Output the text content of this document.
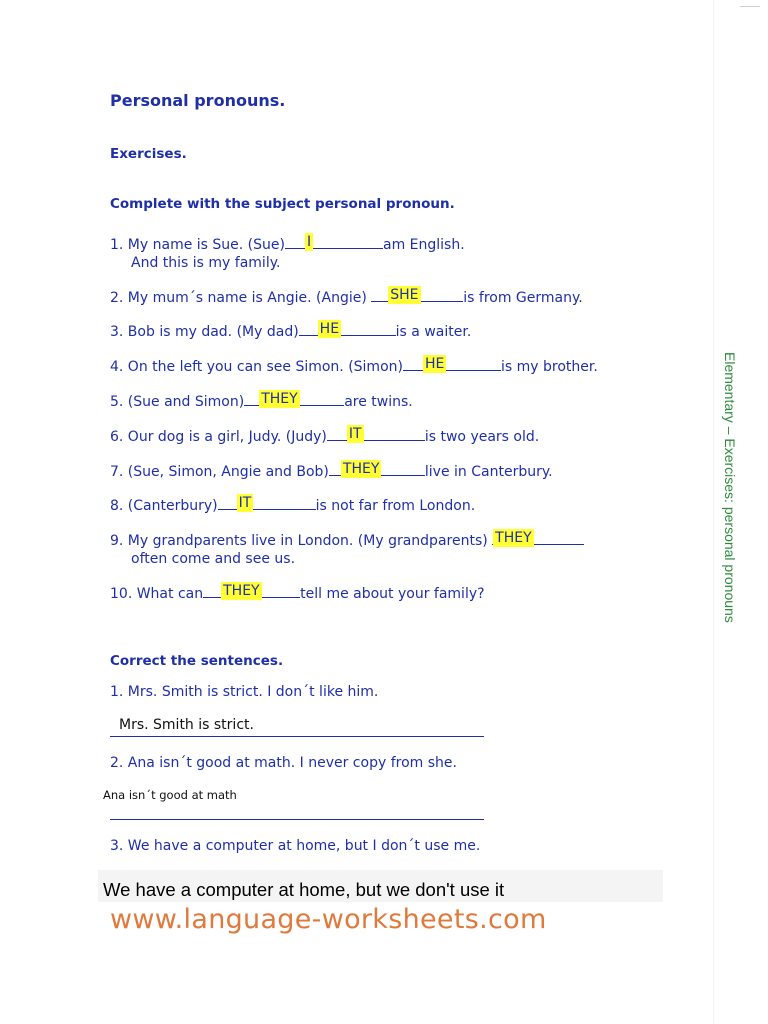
Personal pronouns.
Exercises.
Complete with the subject personal pronoun.
1. My name is Sue. (Sue) I	am English.
And this is my family.
2. My mum´s name is Angie. (Angie) SHE	is from Germany.
3. Bob is my dad. (My dad) HE	is a waiter.
4. On the left you can see Simon. (Simon) HE	is my brother.
5. (Sue and Simon) THEY	are twins.
6. Our dog is a girl, Judy. (Judy) IT	is two years old.
7. (Sue, Simon, Angie and Bob) THEY	live in Canterbury.
8. (Canterbury) IT	is not far from London.
9. My grandparents live in London. (My grandparents) THEY

often come and see us.
10. What can THEY	tell me about your family?
Correct the sentences.
1. Mrs. Smith is strict. I don´t like him.
Mrs. Smith is strict.
2. Ana isn´t good at math. I never copy from she.
Ana isn´t good at math
3. We have a computer at home, but I don´t use me.
We have a computer at home, but we don't use it
www.language-worksheets.com
Elementary – Exercises: personal pronouns
